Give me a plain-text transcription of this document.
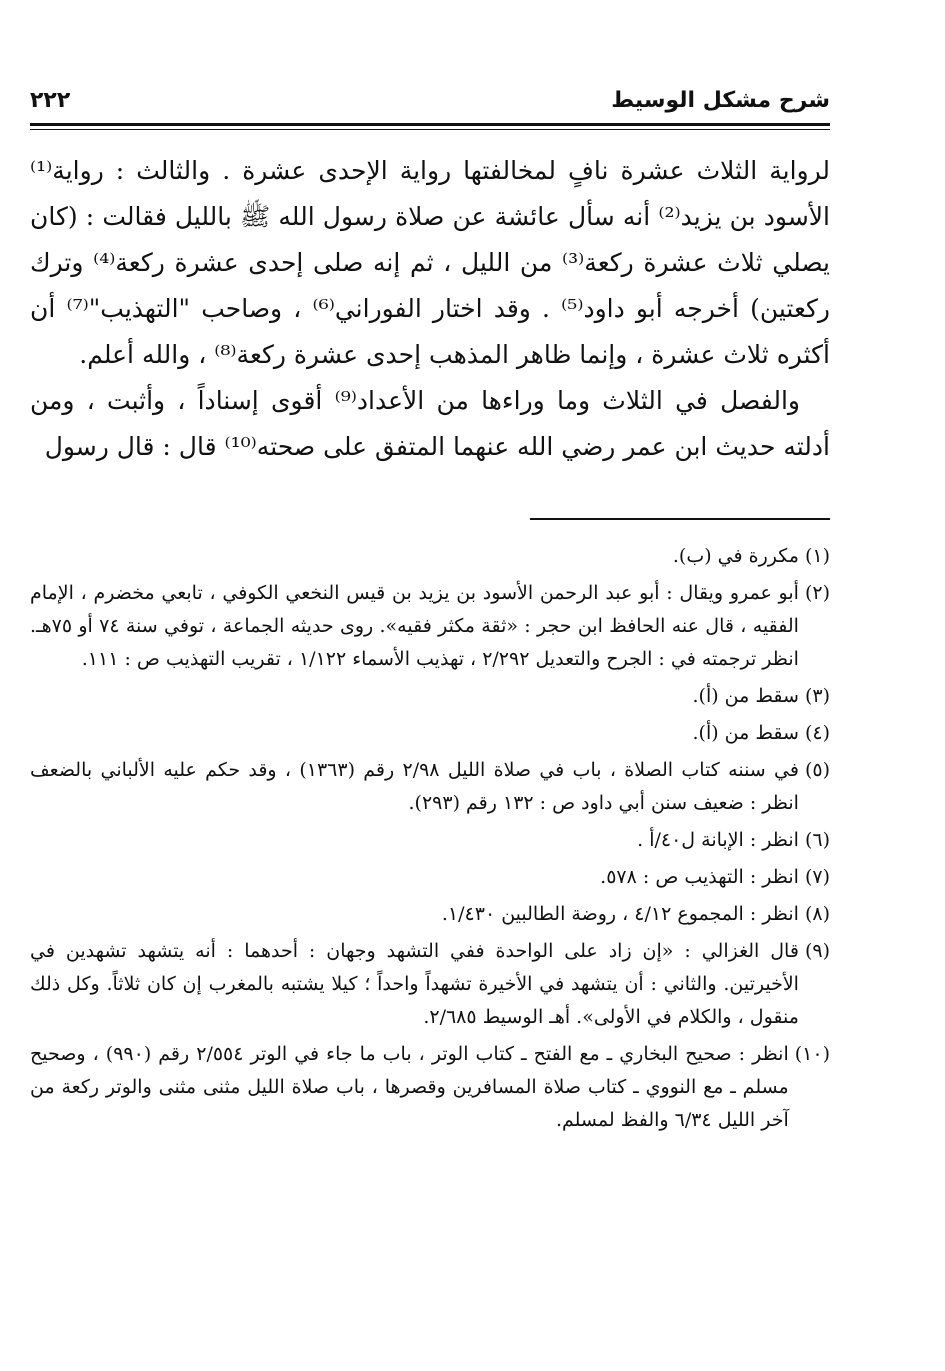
شرح مشكل الوسيط
٢٢٢

لرواية الثلاث عشرة نافٍ لمخالفتها رواية الإحدى عشرة . والثالث : رواية⁽¹⁾ الأسود بن يزيد⁽²⁾ أنه سأل عائشة عن صلاة رسول الله ﷺ بالليل فقالت : (كان يصلي ثلاث عشرة ركعة⁽³⁾ من الليل ، ثم إنه صلى إحدى عشرة ركعة⁽⁴⁾ وترك ركعتين) أخرجه أبو داود⁽⁵⁾ . وقد اختار الفوراني⁽⁶⁾ ، وصاحب "التهذيب"⁽⁷⁾ أن أكثره ثلاث عشرة ، وإنما ظاهر المذهب إحدى عشرة ركعة⁽⁸⁾ ، والله أعلم.

والفصل في الثلاث وما وراءها من الأعداد⁽⁹⁾ أقوى إسناداً ، وأثبت ، ومن أدلته حديث ابن عمر رضي الله عنهما المتفق على صحته⁽¹⁰⁾ قال : قال رسول

(١)
مكررة في (ب).
(٢)
أبو عمرو ويقال : أبو عبد الرحمن الأسود بن يزيد بن قيس النخعي الكوفي ، تابعي مخضرم ، الإمام الفقيه ، قال عنه الحافظ ابن حجر : «ثقة مكثر فقيه». روى حديثه الجماعة ، توفي سنة ٧٤ أو ٧٥هـ. انظر ترجمته في : الجرح والتعديل ٢/٢٩٢ ، تهذيب الأسماء ١/١٢٢ ، تقريب التهذيب ص : ١١١.
(٣)
سقط من (أ).
(٤)
سقط من (أ).
(٥)
في سننه كتاب الصلاة ، باب في صلاة الليل ٢/٩٨ رقم (١٣٦٣) ، وقد حكم عليه الألباني بالضعف انظر : ضعيف سنن أبي داود ص : ١٣٢ رقم (٢٩٣).
(٦)
انظر : الإبانة ل٤٠/أ .
(٧)
انظر : التهذيب ص : ٥٧٨.
(٨)
انظر : المجموع ٤/١٢ ، روضة الطالبين ١/٤٣٠.
(٩)
قال الغزالي : «إن زاد على الواحدة ففي التشهد وجهان : أحدهما : أنه يتشهد تشهدين في الأخيرتين. والثاني : أن يتشهد في الأخيرة تشهداً واحداً ؛ كيلا يشتبه بالمغرب إن كان ثلاثاً. وكل ذلك منقول ، والكلام في الأولى». أهـ الوسيط ٢/٦٨٥.
(١٠)
انظر : صحيح البخاري ـ مع الفتح ـ كتاب الوتر ، باب ما جاء في الوتر ٢/٥٥٤ رقم (٩٩٠) ، وصحيح مسلم ـ مع النووي ـ كتاب صلاة المسافرين وقصرها ، باب صلاة الليل مثنى مثنى والوتر ركعة من آخر الليل ٦/٣٤ والفظ لمسلم.
